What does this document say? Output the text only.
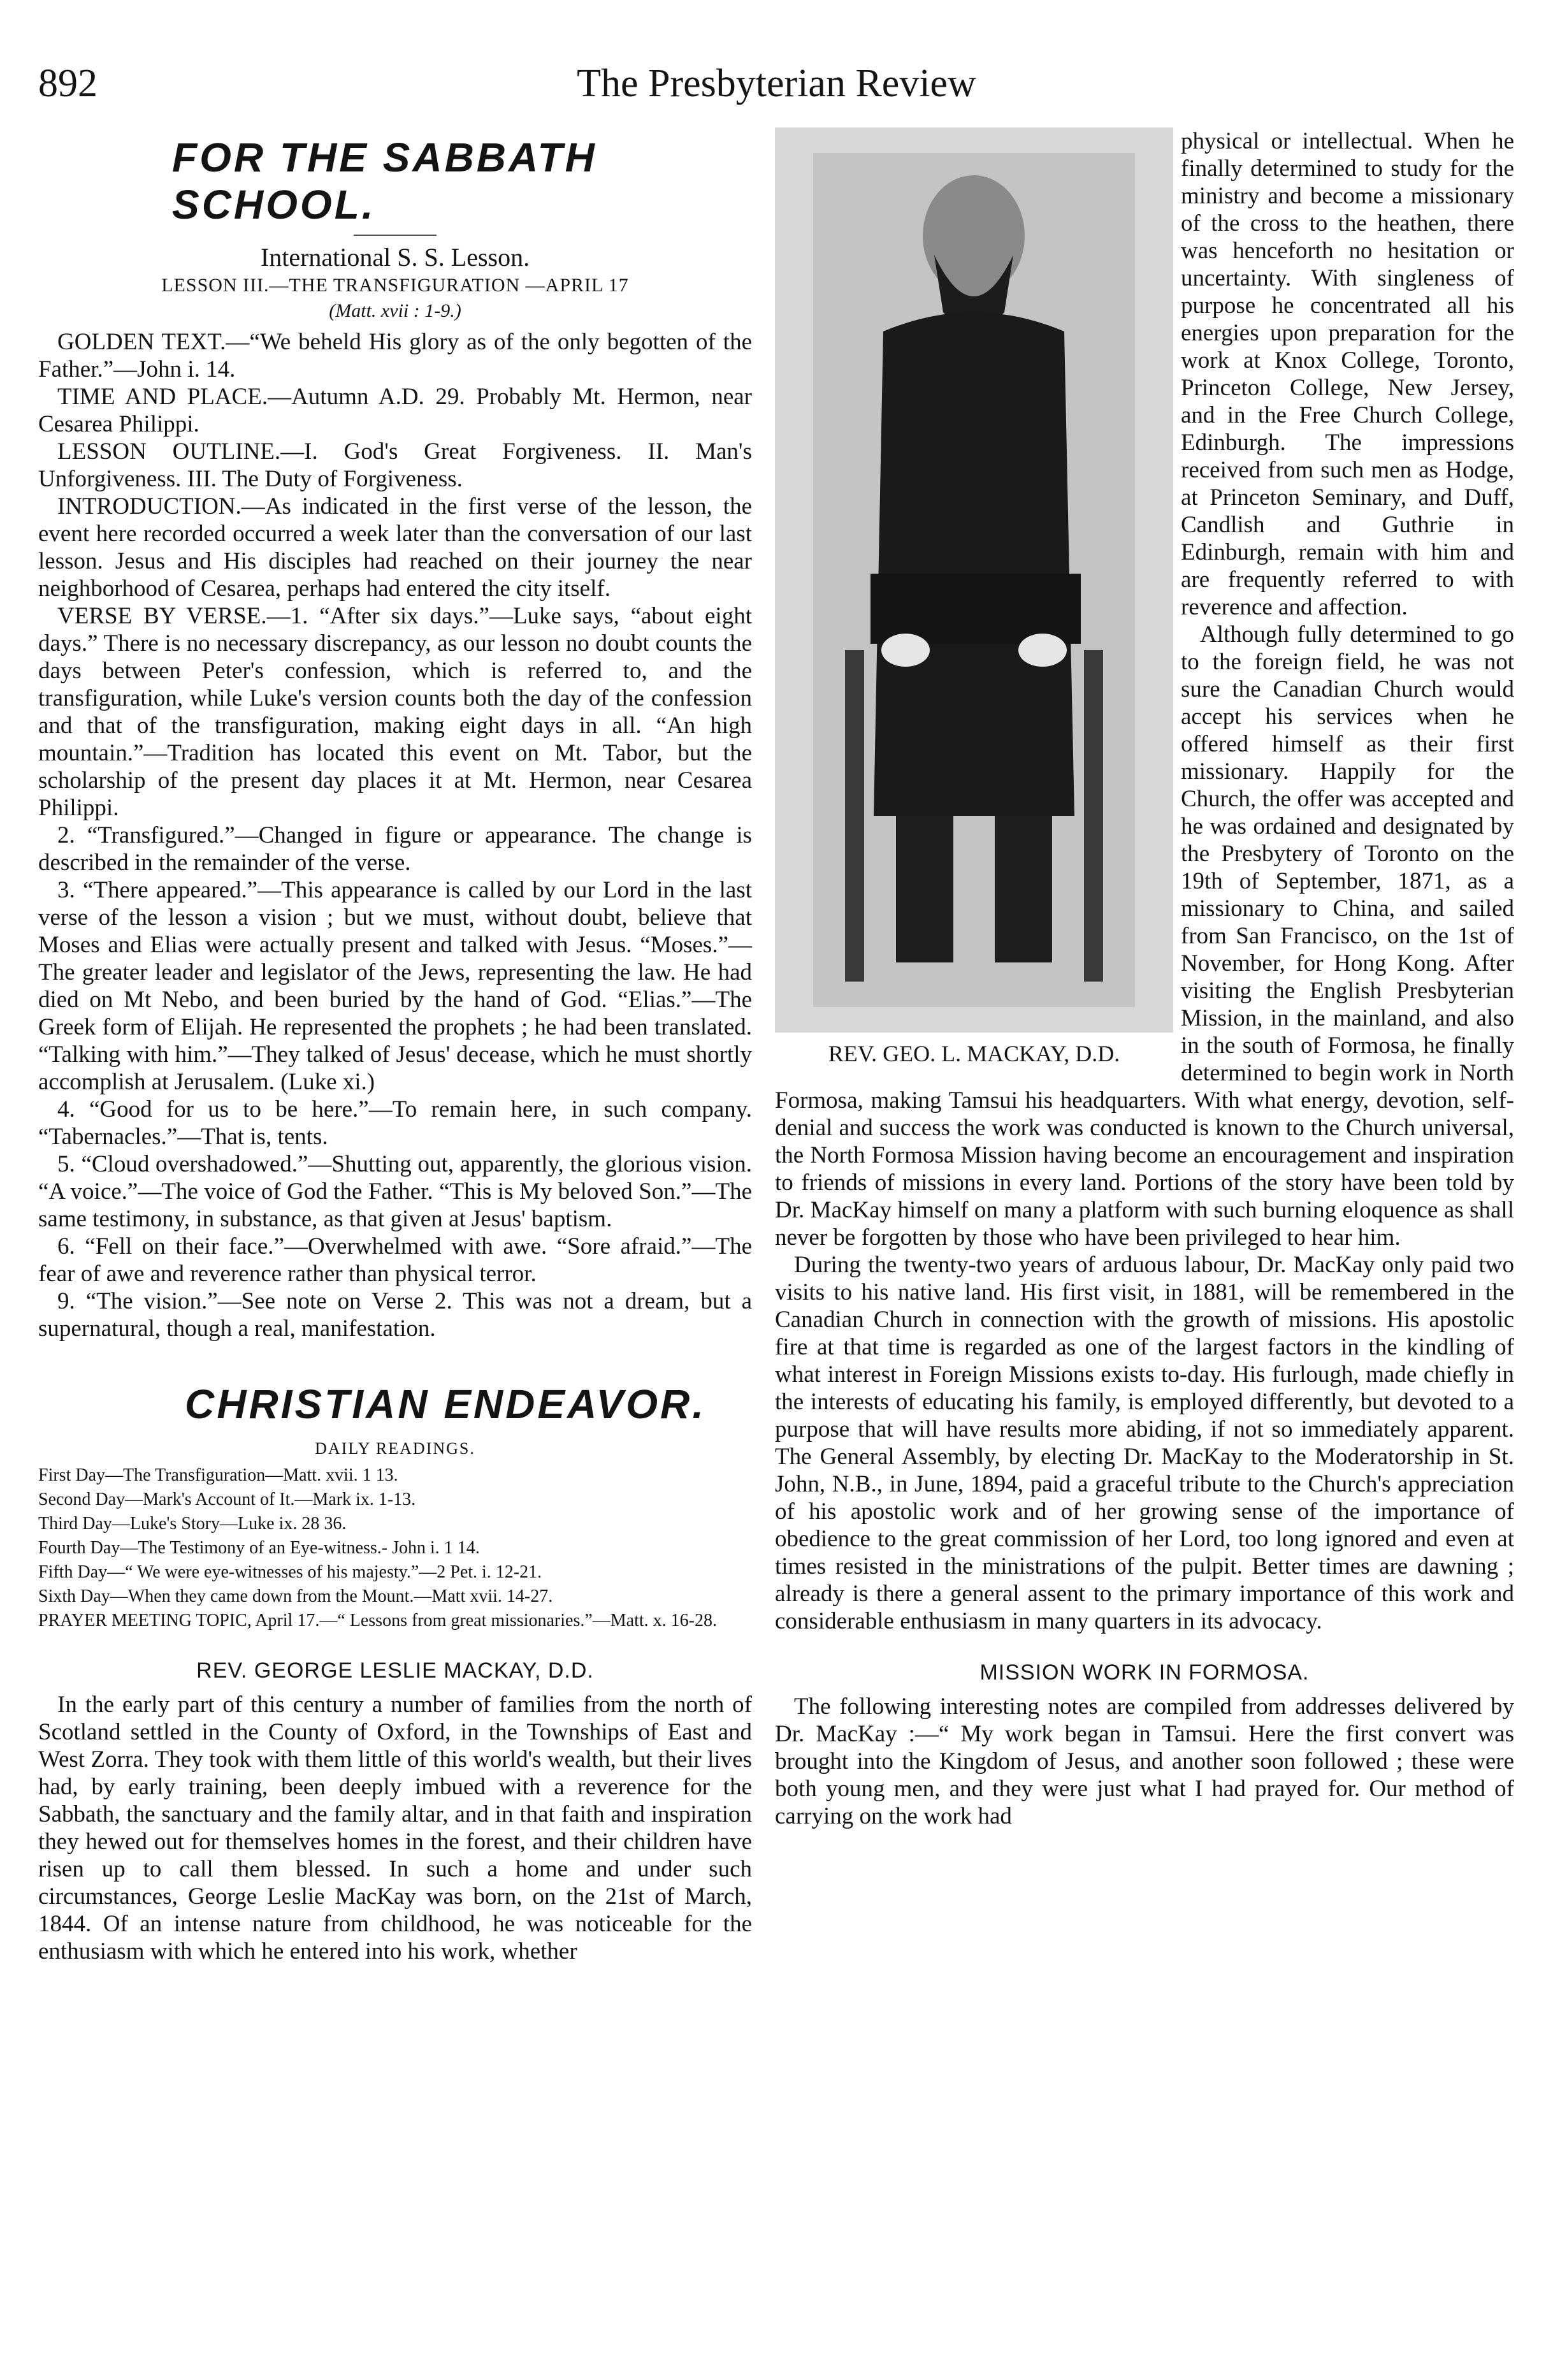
892	The Presbyterian Review
FOR THE SABBATH SCHOOL.
International S. S. Lesson.
LESSON III.—THE TRANSFIGURATION —APRIL 17
(Matt. xvii : 1-9.)

GOLDEN TEXT.—“We beheld His glory as of the only begotten of the Father.”—John i. 14.

TIME AND PLACE.—Autumn A.D. 29. Probably Mt. Hermon, near Cesarea Philippi.

LESSON OUTLINE.—I. God's Great Forgiveness. II. Man's Unforgiveness. III. The Duty of Forgiveness.

INTRODUCTION.—As indicated in the first verse of the lesson, the event here recorded occurred a week later than the conversation of our last lesson. Jesus and His disciples had reached on their journey the near neighborhood of Cesarea, perhaps had entered the city itself.

VERSE BY VERSE.—1. “After six days.”—Luke says, “about eight days.” There is no necessary discrepancy, as our lesson no doubt counts the days between Peter's confession, which is referred to, and the transfiguration, while Luke's version counts both the day of the confession and that of the transfiguration, making eight days in all. “An high mountain.”—Tradition has located this event on Mt. Tabor, but the scholarship of the present day places it at Mt. Hermon, near Cesarea Philippi.

2. “Transfigured.”—Changed in figure or appearance. The change is described in the remainder of the verse.

3. “There appeared.”—This appearance is called by our Lord in the last verse of the lesson a vision ; but we must, without doubt, believe that Moses and Elias were actually present and talked with Jesus. “Moses.”—The greater leader and legislator of the Jews, representing the law. He had died on Mt Nebo, and been buried by the hand of God. “Elias.”—The Greek form of Elijah. He represented the prophets ; he had been translated. “Talking with him.”—They talked of Jesus' decease, which he must shortly accomplish at Jerusalem. (Luke xi.)

4. “Good for us to be here.”—To remain here, in such company. “Tabernacles.”—That is, tents.

5. “Cloud overshadowed.”—Shutting out, apparently, the glorious vision. “A voice.”—The voice of God the Father. “This is My beloved Son.”—The same testimony, in substance, as that given at Jesus' baptism.

6. “Fell on their face.”—Overwhelmed with awe. “Sore afraid.”—The fear of awe and reverence rather than physical terror.

9. “The vision.”—See note on Verse 2. This was not a dream, but a supernatural, though a real, manifestation.

CHRISTIAN ENDEAVOR.
DAILY READINGS.

First Day—The Transfiguration—Matt. xvii. 1 13.

Second Day—Mark's Account of It.—Mark ix. 1-13.

Third Day—Luke's Story—Luke ix. 28 36.

Fourth Day—The Testimony of an Eye-witness.- John i. 1 14.

Fifth Day—“ We were eye-witnesses of his majesty.”—2 Pet. i. 12-21.

Sixth Day—When they came down from the Mount.—Matt xvii. 14-27.

PRAYER MEETING TOPIC, April 17.—“ Lessons from great missionaries.”—Matt. x. 16-28.

REV. GEORGE LESLIE MACKAY, D.D.

In the early part of this century a number of families from the north of Scotland settled in the County of Oxford, in the Townships of East and West Zorra. They took with them little of this world's wealth, but their lives had, by early training, been deeply imbued with a reverence for the Sabbath, the sanctuary and the family altar, and in that faith and inspiration they hewed out for themselves homes in the forest, and their children have risen up to call them blessed. In such a home and under such circumstances, George Leslie MacKay was born, on the 21st of March, 1844. Of an intense nature from childhood, he was noticeable for the enthusiasm with which he entered into his work, whether

REV. GEO. L. MACKAY, D.D.

physical or intellectual. When he finally determined to study for the ministry and become a missionary of the cross to the heathen, there was henceforth no hesitation or uncertainty. With singleness of purpose he concentrated all his energies upon preparation for the work at Knox College, Toronto, Princeton College, New Jersey, and in the Free Church College, Edinburgh. The impressions received from such men as Hodge, at Princeton Seminary, and Duff, Candlish and Guthrie in Edinburgh, remain with him and are frequently referred to with reverence and affection.

Although fully determined to go to the foreign field, he was not sure the Canadian Church would accept his services when he offered himself as their first missionary. Happily for the Church, the offer was accepted and he was ordained and designated by the Presbytery of Toronto on the 19th of September, 1871, as a missionary to China, and sailed from San Francisco, on the 1st of November, for Hong Kong. After visiting the English Presbyterian Mission, in the mainland, and also in the south of Formosa, he finally determined to begin work in North Formosa, making Tamsui his headquarters. With what energy, devotion, self-denial and success the work was conducted is known to the Church universal, the North Formosa Mission having become an encouragement and inspiration to friends of missions in every land. Portions of the story have been told by Dr. MacKay himself on many a platform with such burning eloquence as shall never be forgotten by those who have been privileged to hear him.

During the twenty-two years of arduous labour, Dr. MacKay only paid two visits to his native land. His first visit, in 1881, will be remembered in the Canadian Church in connection with the growth of missions. His apostolic fire at that time is regarded as one of the largest factors in the kindling of what interest in Foreign Missions exists to-day. His furlough, made chiefly in the interests of educating his family, is employed differently, but devoted to a purpose that will have results more abiding, if not so immediately apparent. The General Assembly, by electing Dr. MacKay to the Moderatorship in St. John, N.B., in June, 1894, paid a graceful tribute to the Church's appreciation of his apostolic work and of her growing sense of the importance of obedience to the great commission of her Lord, too long ignored and even at times resisted in the ministrations of the pulpit. Better times are dawning ; already is there a general assent to the primary importance of this work and considerable enthusiasm in many quarters in its advocacy.

MISSION WORK IN FORMOSA.

The following interesting notes are compiled from addresses delivered by Dr. MacKay :—“ My work began in Tamsui. Here the first convert was brought into the Kingdom of Jesus, and another soon followed ; these were both young men, and they were just what I had prayed for. Our method of carrying on the work had
